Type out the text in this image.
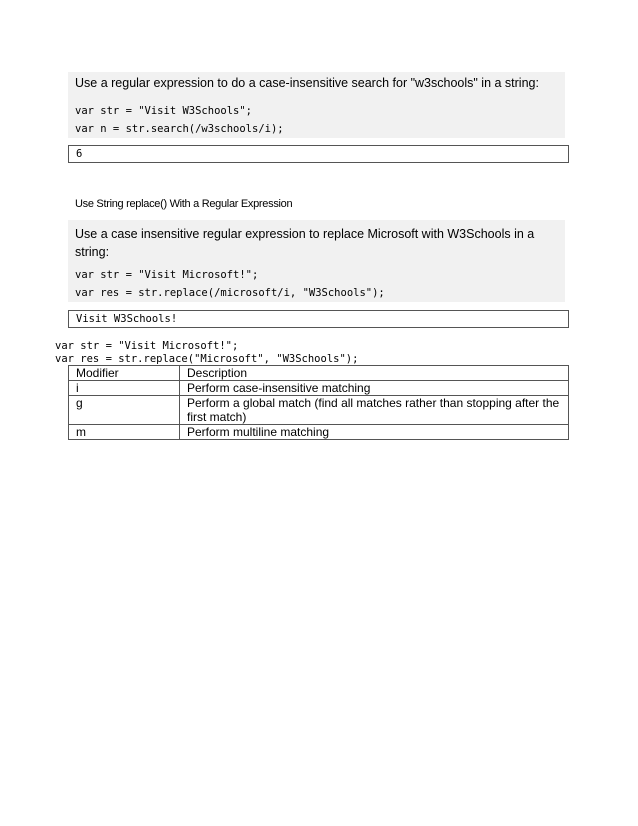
Use a regular expression to do a case-insensitive search for "w3schools" in a string:
var str = "Visit W3Schools";
var n = str.search(/w3schools/i);
6
Use String replace() With a Regular Expression
Use a case insensitive regular expression to replace Microsoft with W3Schools in a string:
var str = "Visit Microsoft!";
var res = str.replace(/microsoft/i, "W3Schools");
Visit W3Schools!
var str = "Visit Microsoft!";
var res = str.replace("Microsoft", "W3Schools");
Modifier	Description
i	Perform case-insensitive matching
g	Perform a global match (find all matches rather than stopping after the first match)
m	Perform multiline matching
